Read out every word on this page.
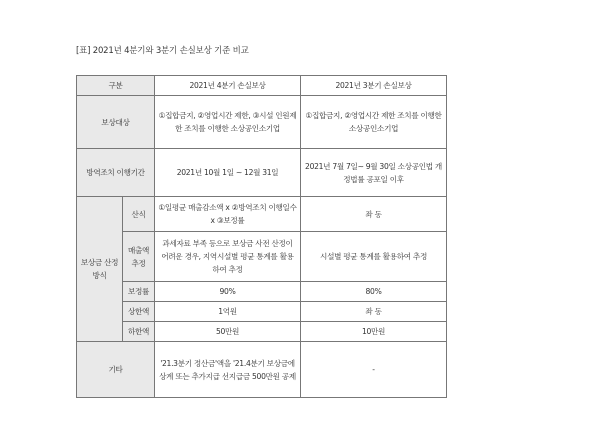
[표] 2021년 4분기와 3분기 손실보상 기준 비교
구분		2021년 4분기 손실보상	2021년 3분기 손실보상
보상대상		①집합금지, ②영업시간 제한, ③시설 인원제한 조치를 이행한 소상공인소기업	①집합금지, ②영업시간 제한 조치를 이행한 소상공인소기업
방역조치 이행기간		2021년 10월 1일 ~ 12월 31일	2021년 7월 7일~ 9월 30일 소상공인법 개정법률 공포일 이후
보상금 산정 방식	산식	①일평균 매출감소액 x ②방역조치 이행일수 x ③보정률	좌 동
	매출액 추정	과세자료 부족 등으로 보상금 사전 산정이 어려운 경우, 지역시설별 평균 통계를 활용하여 추정	시설별 평균 통계를 활용하여 추정
	보정률	90%	80%
	상한액	1억원	좌 동
	하한액	50만원	10만원
기타		'21.3분기 정산금'액을 '21.4분기 보상금에 상계 또는 추가지급 선지급금 500만원 공제	-
